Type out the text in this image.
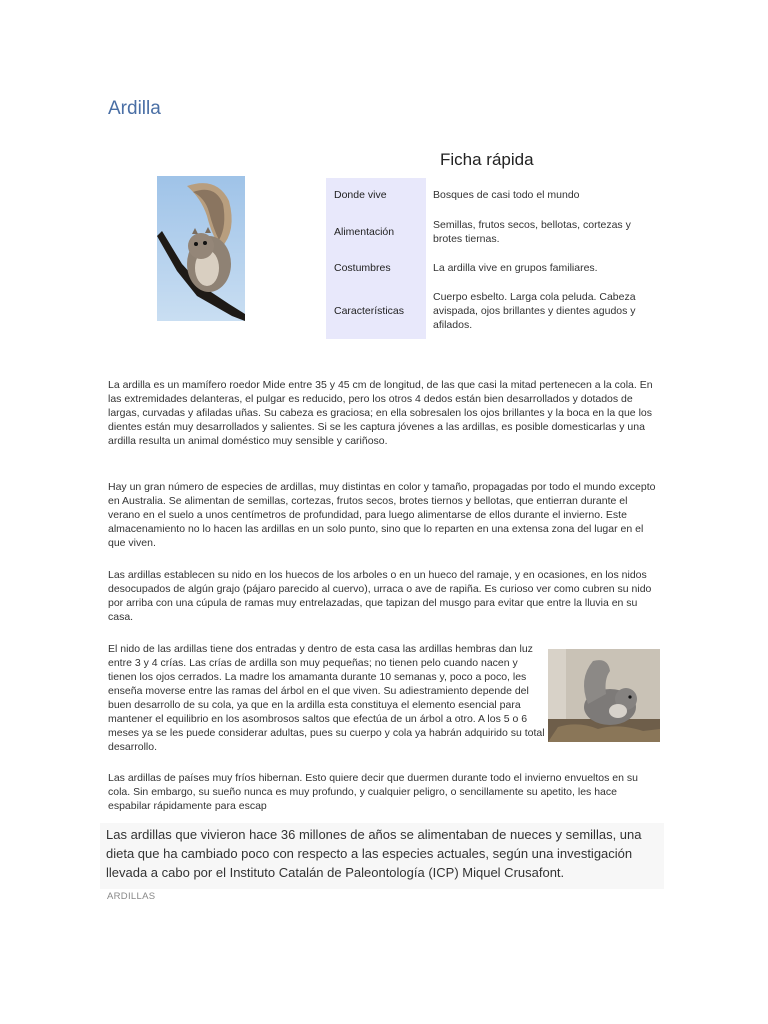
Ardilla
Ficha rápida
Donde vive	Bosques de casi todo el mundo
Alimentación	Semillas, frutos secos, bellotas, cortezas y brotes tiernas.
Costumbres	La ardilla vive en grupos familiares.
Características	Cuerpo esbelto. Larga cola peluda. Cabeza avispada, ojos brillantes y dientes agudos y afilados.

La ardilla es un mamífero roedor Mide entre 35 y 45 cm de longitud, de las que casi la mitad pertenecen a la cola. En las extremidades delanteras, el pulgar es reducido, pero los otros 4 dedos están bien desarrollados y dotados de largas, curvadas y afiladas uñas. Su cabeza es graciosa; en ella sobresalen los ojos brillantes y la boca en la que los dientes están muy desarrollados y salientes. Si se les captura jóvenes a las ardillas, es posible domesticarlas y una ardilla resulta un animal doméstico muy sensible y cariñoso.

Hay un gran número de especies de ardillas, muy distintas en color y tamaño, propagadas por todo el mundo excepto en Australia. Se alimentan de semillas, cortezas, frutos secos, brotes tiernos y bellotas, que entierran durante el verano en el suelo a unos centímetros de profundidad, para luego alimentarse de ellos durante el invierno. Este almacenamiento no lo hacen las ardillas en un solo punto, sino que lo reparten en una extensa zona del lugar en el que viven.

Las ardillas establecen su nido en los huecos de los arboles o en un hueco del ramaje, y en ocasiones, en los nidos desocupados de algún grajo (pájaro parecido al cuervo), urraca o ave de rapiña. Es curioso ver como cubren su nido por arriba con una cúpula de ramas muy entrelazadas, que tapizan del musgo para evitar que entre la lluvia en su casa.

El nido de las ardillas tiene dos entradas y dentro de esta casa las ardillas hembras dan luz entre 3 y 4 crías. Las crías de ardilla son muy pequeñas; no tienen pelo cuando nacen y tienen los ojos cerrados. La madre los amamanta durante 10 semanas y, poco a poco, les enseña moverse entre las ramas del árbol en el que viven. Su adiestramiento depende del buen desarrollo de su cola, ya que en la ardilla esta constituya el elemento esencial para mantener el equilibrio en los asombrosos saltos que efectúa de un árbol a otro. A los 5 o 6 meses ya se les puede considerar adultas, pues su cuerpo y cola ya habrán adquirido su total desarrollo.

Las ardillas de países muy fríos hibernan. Esto quiere decir que duermen durante todo el invierno envueltos en su cola. Sin embargo, su sueño nunca es muy profundo, y cualquier peligro, o sencillamente su apetito, les hace espabilar rápidamente para escap

Las ardillas que vivieron hace 36 millones de años se alimentaban de nueces y semillas, una dieta que ha cambiado poco con respecto a las especies actuales, según una investigación llevada a cabo por el Instituto Catalán de Paleontología (ICP) Miquel Crusafont.
ARDILLAS
